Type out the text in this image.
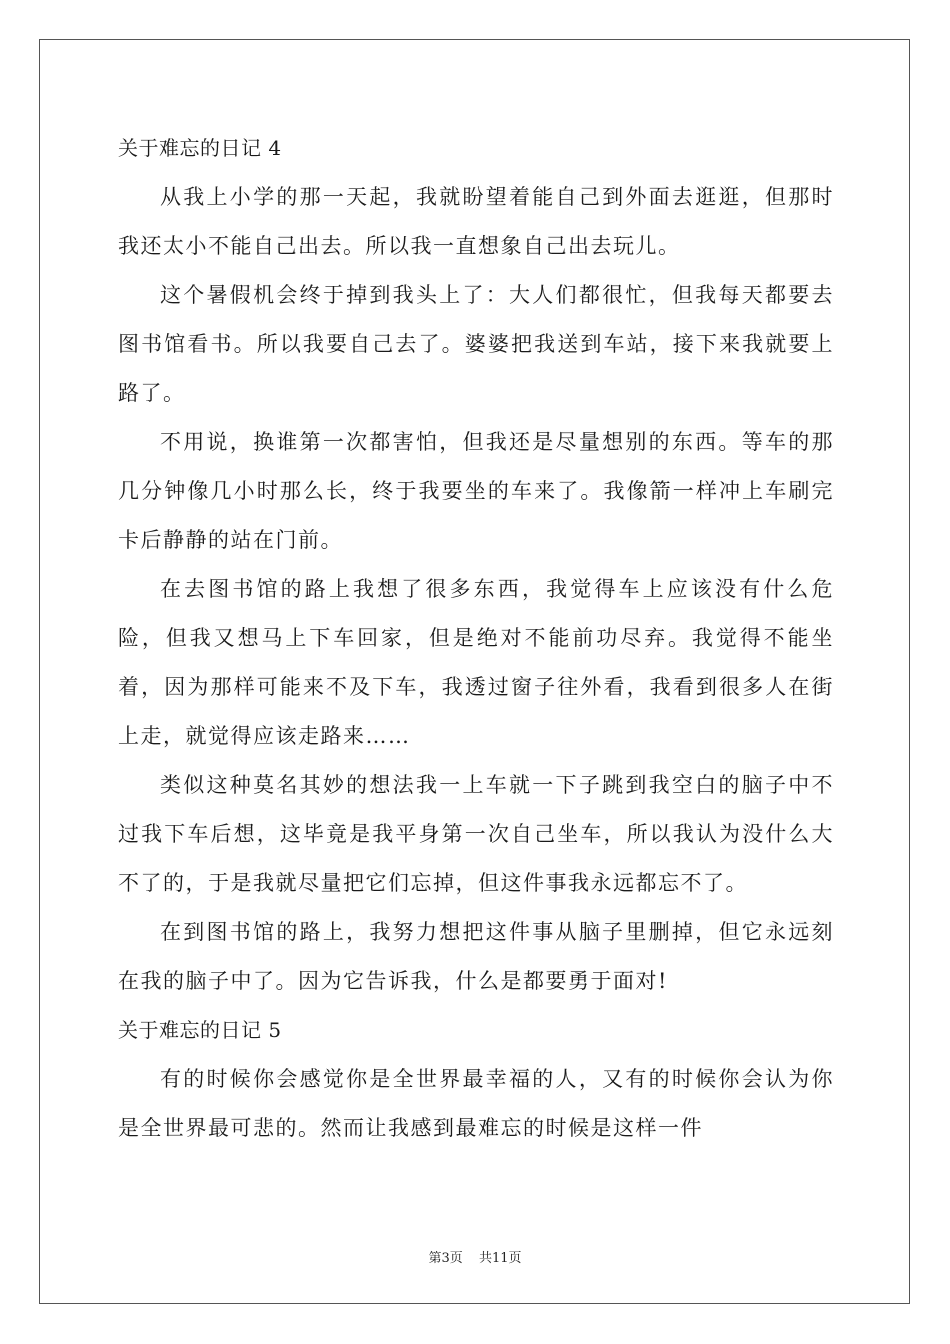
关于难忘的日记 4

从我上小学的那一天起，我就盼望着能自己到外面去逛逛，但那时我还太小不能自己出去。所以我一直想象自己出去玩儿。

这个暑假机会终于掉到我头上了：大人们都很忙，但我每天都要去图书馆看书。所以我要自己去了。婆婆把我送到车站，接下来我就要上路了。

不用说，换谁第一次都害怕，但我还是尽量想别的东西。等车的那几分钟像几小时那么长，终于我要坐的车来了。我像箭一样冲上车刷完卡后静静的站在门前。

在去图书馆的路上我想了很多东西，我觉得车上应该没有什么危险，但我又想马上下车回家，但是绝对不能前功尽弃。我觉得不能坐着，因为那样可能来不及下车，我透过窗子往外看，我看到很多人在街上走，就觉得应该走路来……

类似这种莫名其妙的想法我一上车就一下子跳到我空白的脑子中不过我下车后想，这毕竟是我平身第一次自己坐车，所以我认为没什么大不了的，于是我就尽量把它们忘掉，但这件事我永远都忘不了。

在到图书馆的路上，我努力想把这件事从脑子里删掉，但它永远刻在我的脑子中了。因为它告诉我，什么是都要勇于面对!

关于难忘的日记 5

有的时候你会感觉你是全世界最幸福的人，又有的时候你会认为你是全世界最可悲的。然而让我感到最难忘的时候是这样一件

第3页 共11页
